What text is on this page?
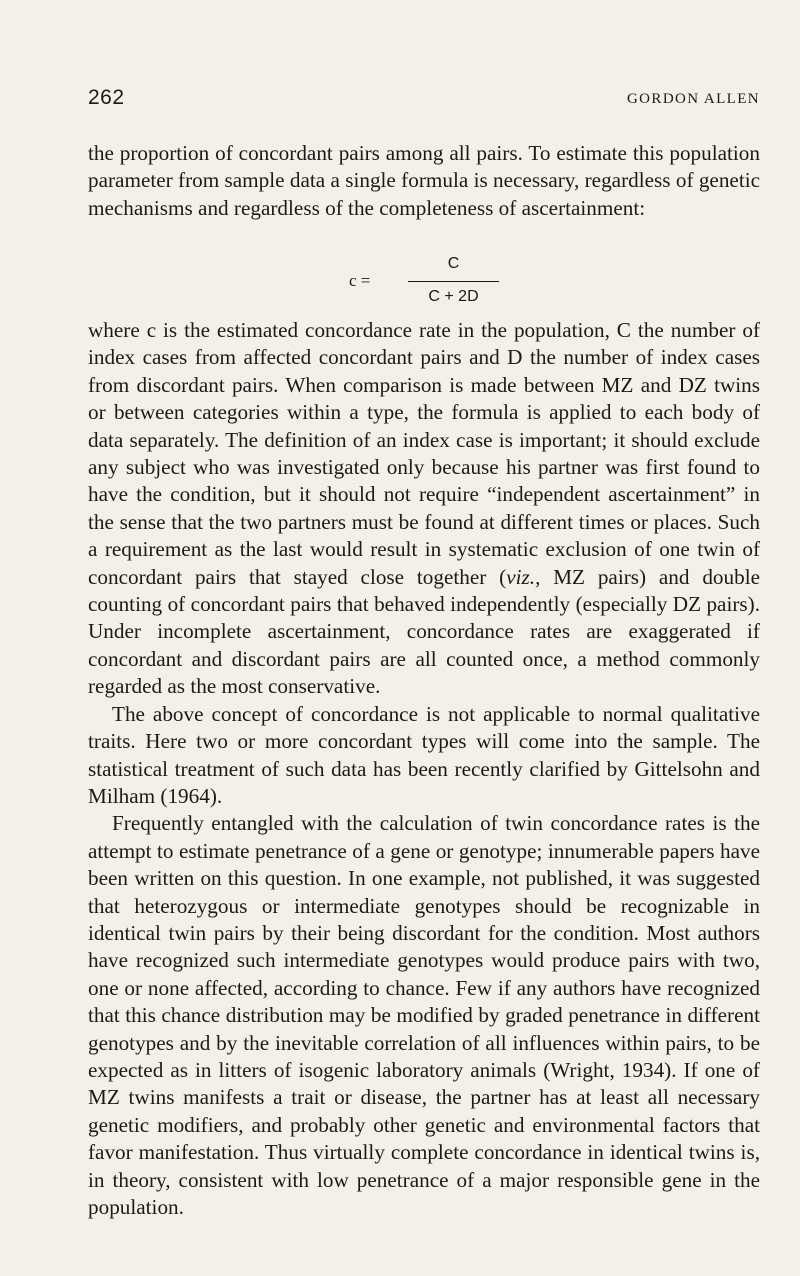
262	GORDON ALLEN

the proportion of concordant pairs among all pairs. To estimate this population parameter from sample data a single formula is necessary, regardless of genetic mechanisms and regardless of the completeness of ascertainment:

c =
C
C + 2D

where c is the estimated concordance rate in the population, C the number of index cases from affected concordant pairs and D the number of index cases from discordant pairs. When comparison is made between MZ and DZ twins or between categories within a type, the formula is applied to each body of data separately. The definition of an index case is important; it should exclude any subject who was investigated only because his partner was first found to have the condition, but it should not require “independent ascertainment” in the sense that the two partners must be found at different times or places. Such a requirement as the last would result in systematic exclusion of one twin of concordant pairs that stayed close together (viz., MZ pairs) and double counting of concordant pairs that behaved independently (especially DZ pairs). Under incomplete ascertainment, concordance rates are exaggerated if concordant and discordant pairs are all counted once, a method commonly regarded as the most conservative.

The above concept of concordance is not applicable to normal qualitative traits. Here two or more concordant types will come into the sample. The statistical treatment of such data has been recently clarified by Gittelsohn and Milham (1964).

Frequently entangled with the calculation of twin concordance rates is the attempt to estimate penetrance of a gene or genotype; innumerable papers have been written on this question. In one example, not published, it was suggested that heterozygous or intermediate genotypes should be recognizable in identical twin pairs by their being discordant for the condition. Most authors have recognized such intermediate genotypes would produce pairs with two, one or none affected, according to chance. Few if any authors have recognized that this chance distribution may be modified by graded penetrance in different genotypes and by the inevitable correlation of all influences within pairs, to be expected as in litters of isogenic laboratory animals (Wright, 1934). If one of MZ twins manifests a trait or disease, the partner has at least all necessary genetic modifiers, and probably other genetic and environmental factors that favor manifestation. Thus virtually complete concordance in identical twins is, in theory, consistent with low penetrance of a major responsible gene in the population.
